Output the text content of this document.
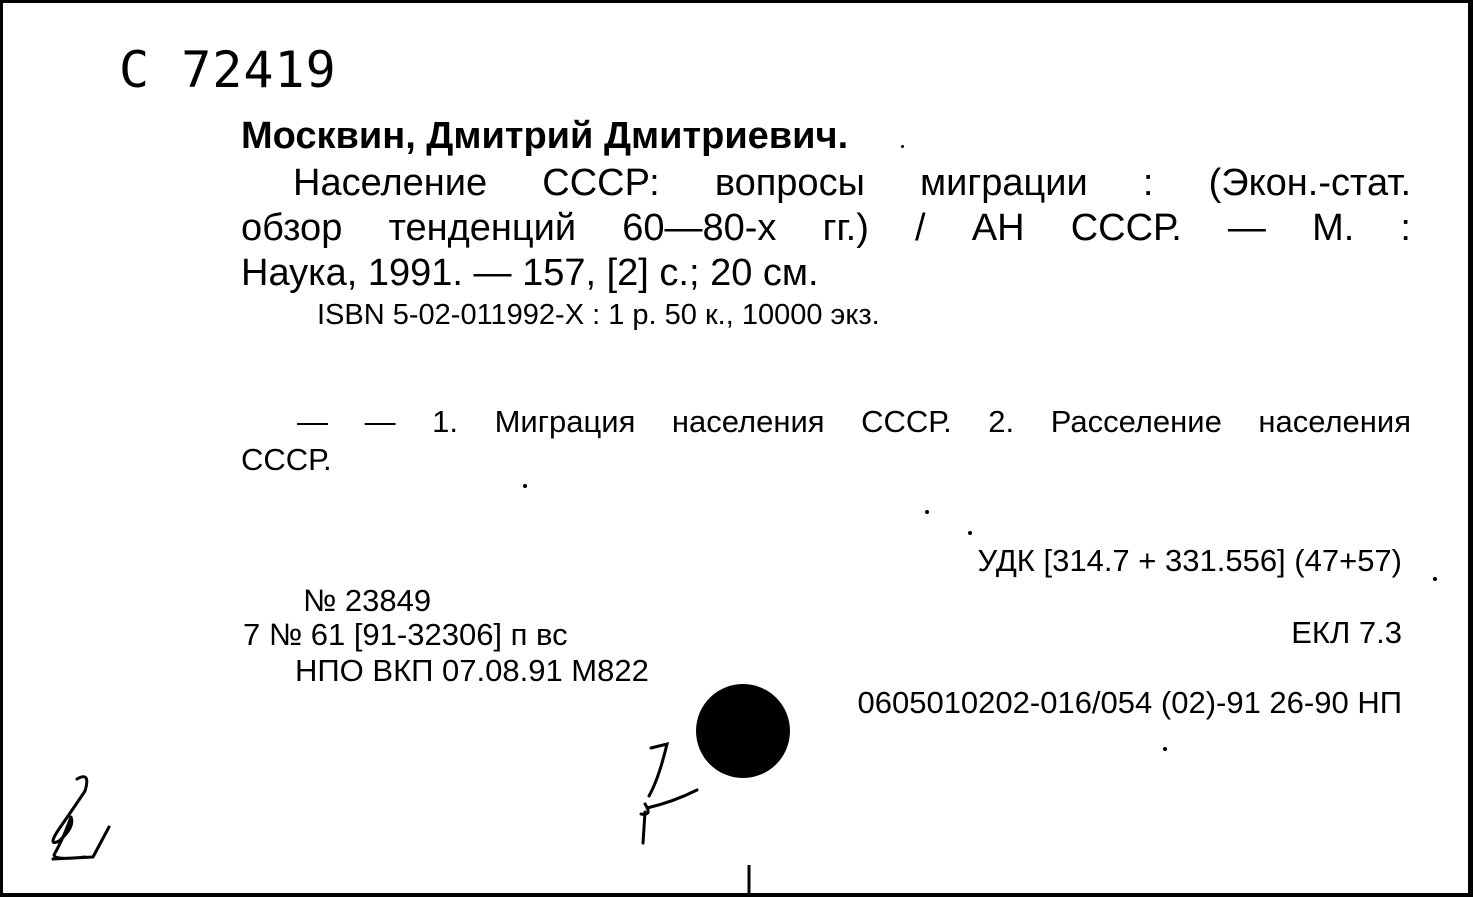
C 72419
Москвин, Дмитрий Дмитриевич.
Население СССР: вопросы миграции : (Экон.-стат.
обзор тенденций 60—80-х гг.) / АН СССР. — М. :
Наука, 1991. — 157, [2] с.; 20 см.
ISBN 5-02-011992-X : 1 р. 50 к., 10000 экз.
— — 1. Миграция населения СССР. 2. Расселение населения
СССР.
УДК [314.7 + 331.556] (47+57)
№ 23849
7 № 61 [91-32306] п вс	ЕКЛ 7.3
НПО ВКП 07.08.91 М822
0605010202-016/054 (02)-91 26-90 НП
